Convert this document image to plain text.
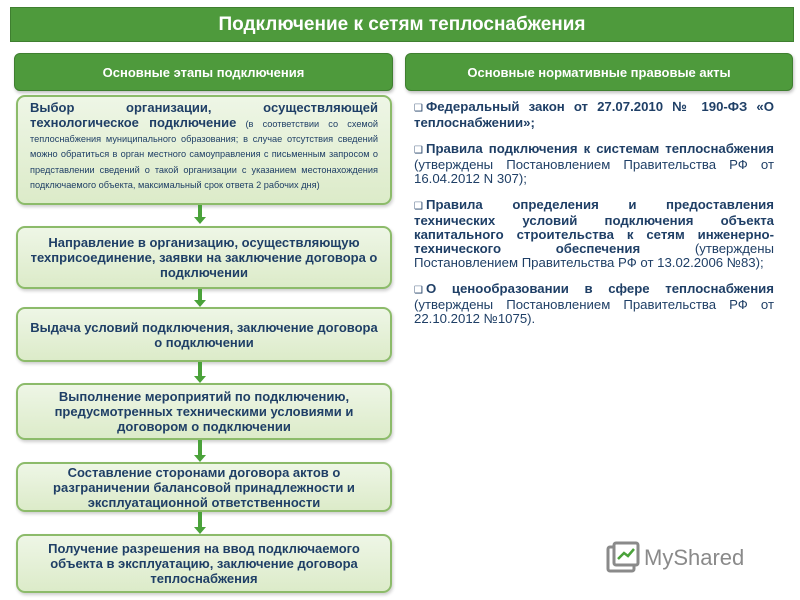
Подключение к сетям теплоснабжения
Основные этапы подключения	Основные нормативные правовые акты
Выбор организации, осуществляющей технологическое подключение (в соответствии со схемой теплоснабжения муниципального образования; в случае отсутствия сведений можно обратиться в орган местного самоуправления с письменным запросом о представлении сведений о такой организации с указанием местонахождения подключаемого объекта, максимальный срок ответа 2 рабочих дня)
Направление в организацию, осуществляющую техприсоединение, заявки на заключение договора о подключении
Выдача условий подключения, заключение договора о подключении
Выполнение мероприятий по подключению, предусмотренных техническими условиями и договором о подключении
Составление сторонами договора актов о разграничении балансовой принадлежности и эксплуатационной ответственности
Получение разрешения на ввод подключаемого объекта в эксплуатацию, заключение договора теплоснабжения
❑ Федеральный закон от 27.07.2010 № 190-ФЗ «О теплоснабжении»;
❑ Правила подключения к системам теплоснабжения (утверждены Постановлением Правительства РФ от 16.04.2012 N 307);
❑ Правила определения и предоставления технических условий подключения объекта капитального строительства к сетям инженерно-технического обеспечения (утверждены Постановлением Правительства РФ от 13.02.2006 №83);
❑ О ценообразовании в сфере теплоснабжения (утверждены Постановлением Правительства РФ от 22.10.2012 №1075).
MyShared
